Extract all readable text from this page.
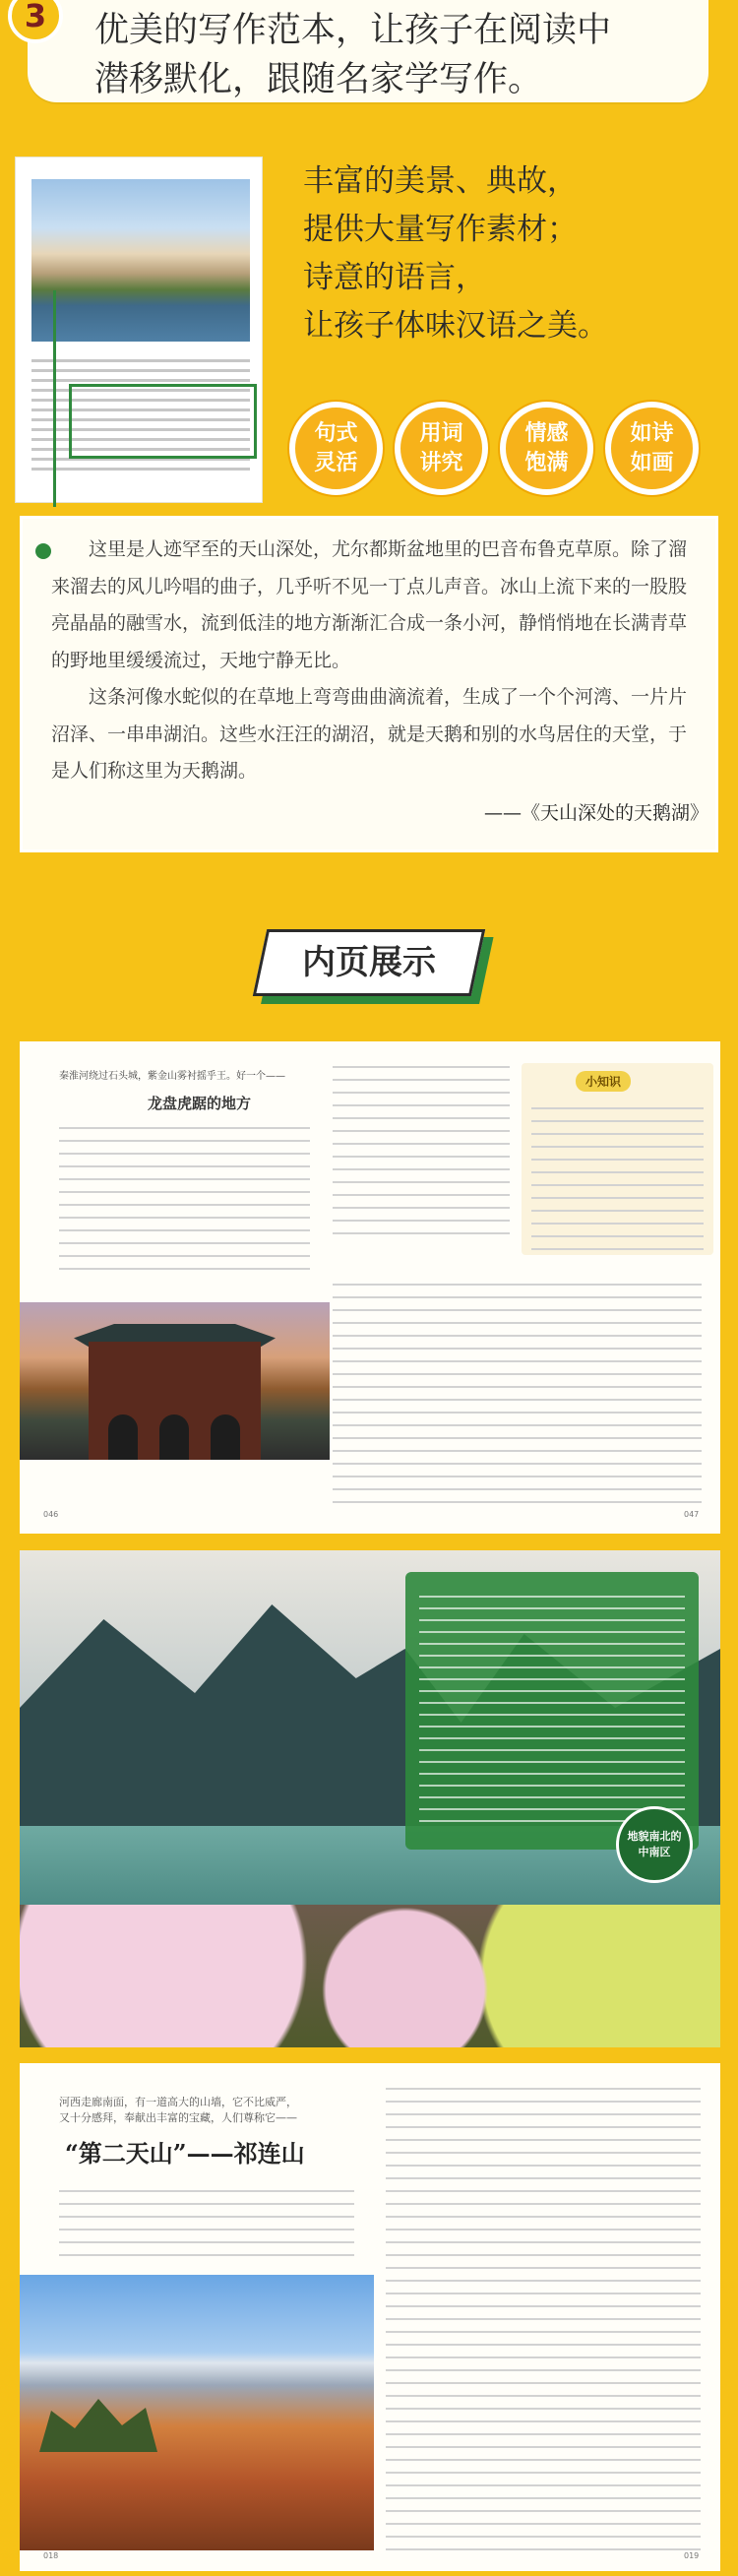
3	优美的写作范本，让孩子在阅读中
潜移默化，跟随名家学写作。
丰富的美景、典故，
提供大量写作素材；
诗意的语言，
让孩子体味汉语之美。
句式
灵活
用词
讲究
情感
饱满
如诗
如画

这里是人迹罕至的天山深处，尤尔都斯盆地里的巴音布鲁克草原。除了溜来溜去的风儿吟唱的曲子，几乎听不见一丁点儿声音。冰山上流下来的一股股亮晶晶的融雪水，流到低洼的地方渐渐汇合成一条小河，静悄悄地在长满青草的野地里缓缓流过，天地宁静无比。

这条河像水蛇似的在草地上弯弯曲曲滴流着，生成了一个个河湾、一片片沼泽、一串串湖泊。这些水汪汪的湖沼，就是天鹅和别的水鸟居住的天堂，于是人们称这里为天鹅湖。

——《天山深处的天鹅湖》
内页展示
秦淮河绕过石头城，紫金山雾衬摇乎王。好一个——
龙盘虎踞的地方
小知识
046	047
地貌南北的
中南区
河西走廊南面，有一道高大的山墙，它不比威严，
又十分感拜，奉献出丰富的宝藏，人们尊称它——
“第二天山”——祁连山
018	019
